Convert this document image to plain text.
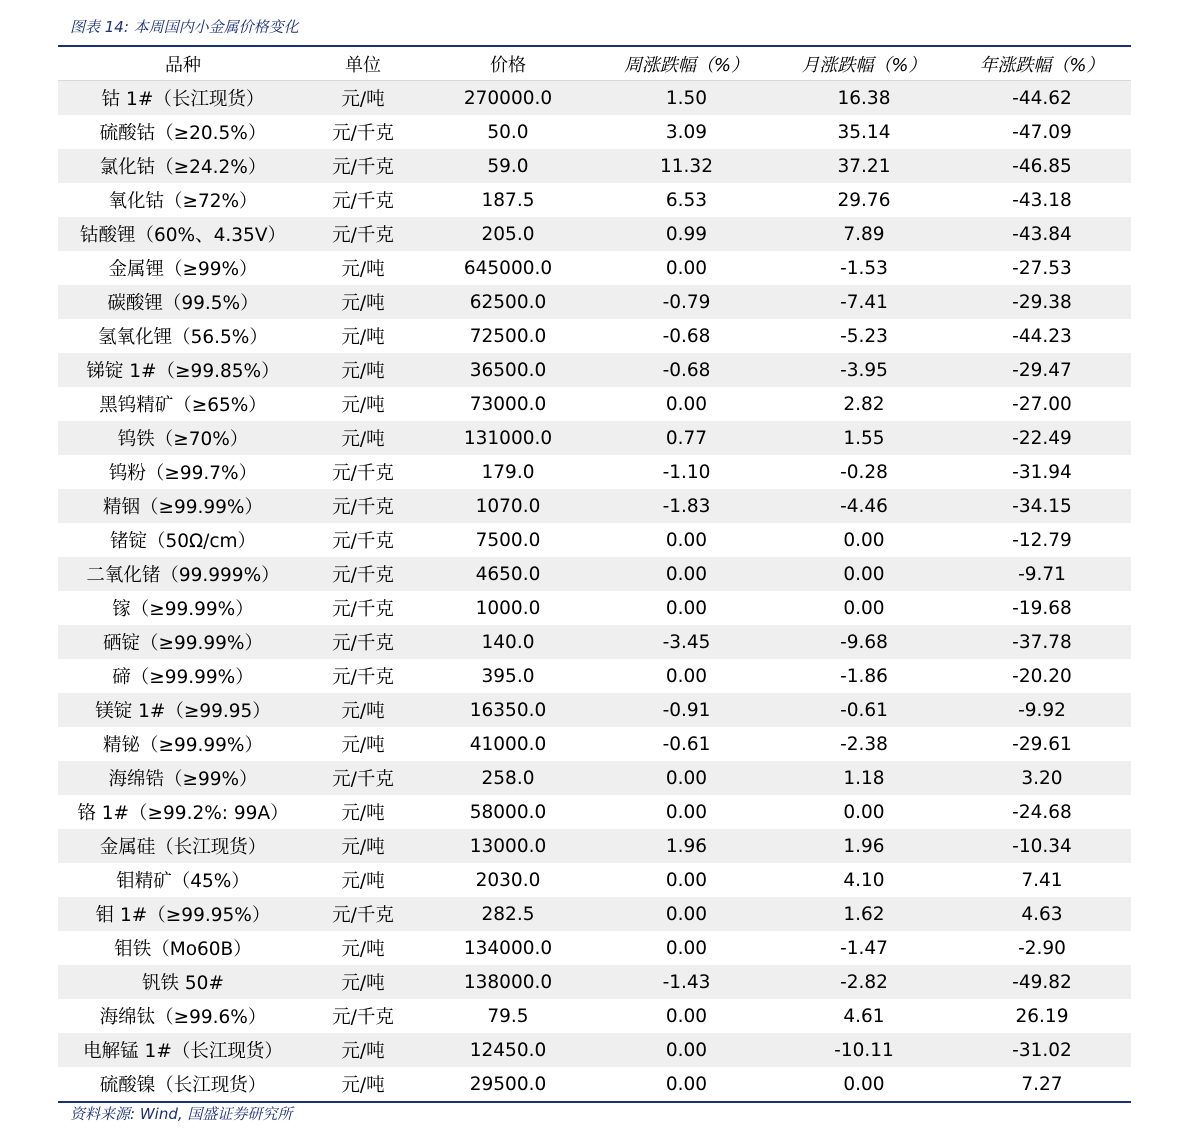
图表 14: 本周国内小金属价格变化
品种	单位	价格	周涨跌幅（%）	月涨跌幅（%）	年涨跌幅（%）
钴 1#（长江现货）	元/吨	270000.0	1.50	16.38	-44.62
硫酸钴（≥20.5%）	元/千克	50.0	3.09	35.14	-47.09
氯化钴（≥24.2%）	元/千克	59.0	11.32	37.21	-46.85
氧化钴（≥72%）	元/千克	187.5	6.53	29.76	-43.18
钴酸锂（60%、4.35V）	元/千克	205.0	0.99	7.89	-43.84
金属锂（≥99%）	元/吨	645000.0	0.00	-1.53	-27.53
碳酸锂（99.5%）	元/吨	62500.0	-0.79	-7.41	-29.38
氢氧化锂（56.5%）	元/吨	72500.0	-0.68	-5.23	-44.23
锑锭 1#（≥99.85%）	元/吨	36500.0	-0.68	-3.95	-29.47
黑钨精矿（≥65%）	元/吨	73000.0	0.00	2.82	-27.00
钨铁（≥70%）	元/吨	131000.0	0.77	1.55	-22.49
钨粉（≥99.7%）	元/千克	179.0	-1.10	-0.28	-31.94
精铟（≥99.99%）	元/千克	1070.0	-1.83	-4.46	-34.15
锗锭（50Ω/cm）	元/千克	7500.0	0.00	0.00	-12.79
二氧化锗（99.999%）	元/千克	4650.0	0.00	0.00	-9.71
镓（≥99.99%）	元/千克	1000.0	0.00	0.00	-19.68
硒锭（≥99.99%）	元/千克	140.0	-3.45	-9.68	-37.78
碲（≥99.99%）	元/千克	395.0	0.00	-1.86	-20.20
镁锭 1#（≥99.95）	元/吨	16350.0	-0.91	-0.61	-9.92
精铋（≥99.99%）	元/吨	41000.0	-0.61	-2.38	-29.61
海绵锆（≥99%）	元/千克	258.0	0.00	1.18	3.20
铬 1#（≥99.2%: 99A）	元/吨	58000.0	0.00	0.00	-24.68
金属硅（长江现货）	元/吨	13000.0	1.96	1.96	-10.34
钼精矿（45%）	元/吨	2030.0	0.00	4.10	7.41
钼 1#（≥99.95%）	元/千克	282.5	0.00	1.62	4.63
钼铁（Mo60B）	元/吨	134000.0	0.00	-1.47	-2.90
钒铁 50#	元/吨	138000.0	-1.43	-2.82	-49.82
海绵钛（≥99.6%）	元/千克	79.5	0.00	4.61	26.19
电解锰 1#（长江现货）	元/吨	12450.0	0.00	-10.11	-31.02
硫酸镍（长江现货）	元/吨	29500.0	0.00	0.00	7.27
资料来源: Wind, 国盛证券研究所
